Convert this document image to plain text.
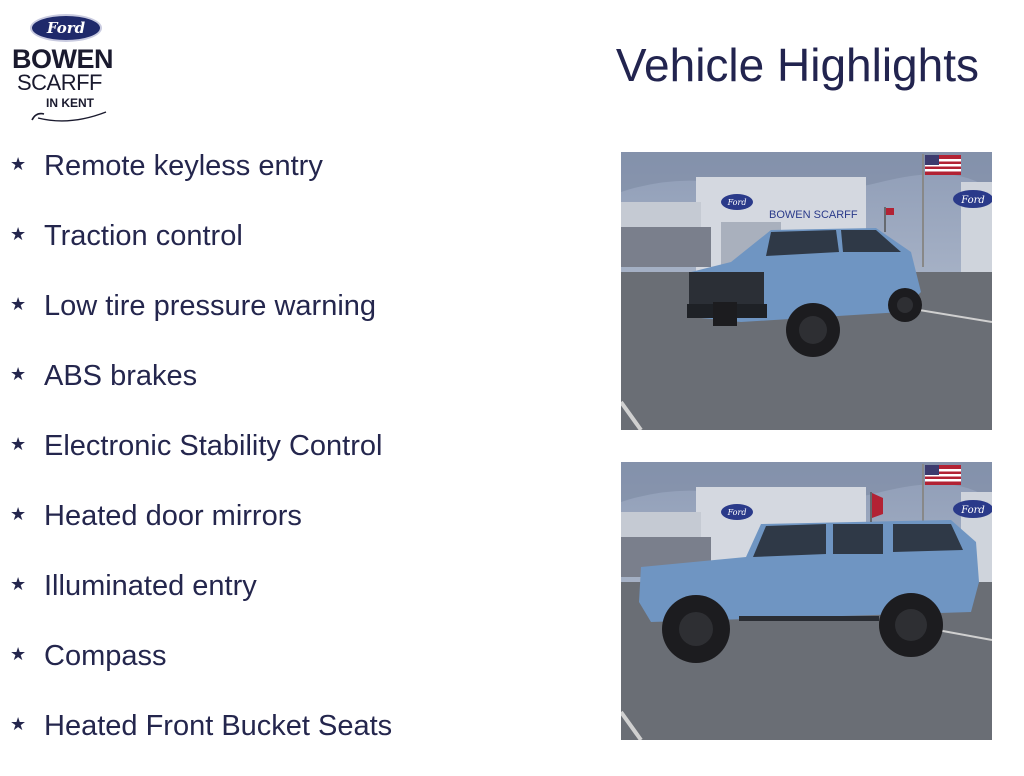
Ford
BOWEN
SCARFF
IN KENT
Vehicle Highlights
★ Remote keyless entry
★ Traction control
★ Low tire pressure warning
★ ABS brakes
★ Electronic Stability Control
★ Heated door mirrors
★ Illuminated entry
★ Compass
★ Heated Front Bucket Seats
Ford
BOWEN SCARFF
Ford
Ford	Ford
